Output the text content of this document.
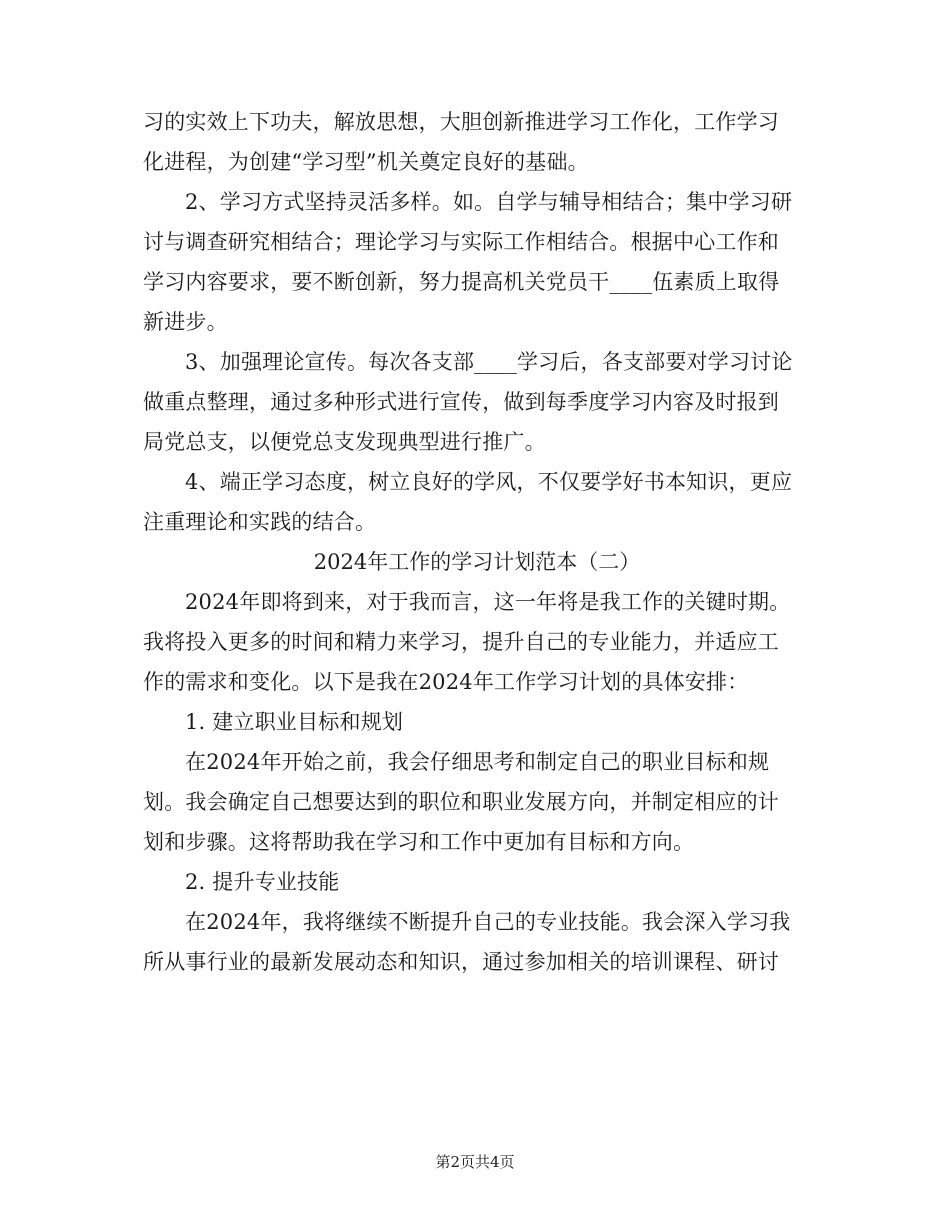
习的实效上下功夫，解放思想，大胆创新推进学习工作化，工作学习

化进程，为创建“学习型”机关奠定良好的基础。

2、学习方式坚持灵活多样。如。自学与辅导相结合；集中学习研

讨与调查研究相结合；理论学习与实际工作相结合。根据中心工作和

学习内容要求，要不断创新，努力提高机关党员干____伍素质上取得

新进步。

3、加强理论宣传。每次各支部____学习后，各支部要对学习讨论

做重点整理，通过多种形式进行宣传，做到每季度学习内容及时报到

局党总支，以便党总支发现典型进行推广。

4、端正学习态度，树立良好的学风，不仅要学好书本知识，更应

注重理论和实践的结合。

2024年工作的学习计划范本（二）

2024年即将到来，对于我而言，这一年将是我工作的关键时期。

我将投入更多的时间和精力来学习，提升自己的专业能力，并适应工

作的需求和变化。以下是我在2024年工作学习计划的具体安排：

1. 建立职业目标和规划

在2024年开始之前，我会仔细思考和制定自己的职业目标和规

划。我会确定自己想要达到的职位和职业发展方向，并制定相应的计

划和步骤。这将帮助我在学习和工作中更加有目标和方向。

2. 提升专业技能

在2024年，我将继续不断提升自己的专业技能。我会深入学习我

所从事行业的最新发展动态和知识，通过参加相关的培训课程、研讨

第2页共4页
